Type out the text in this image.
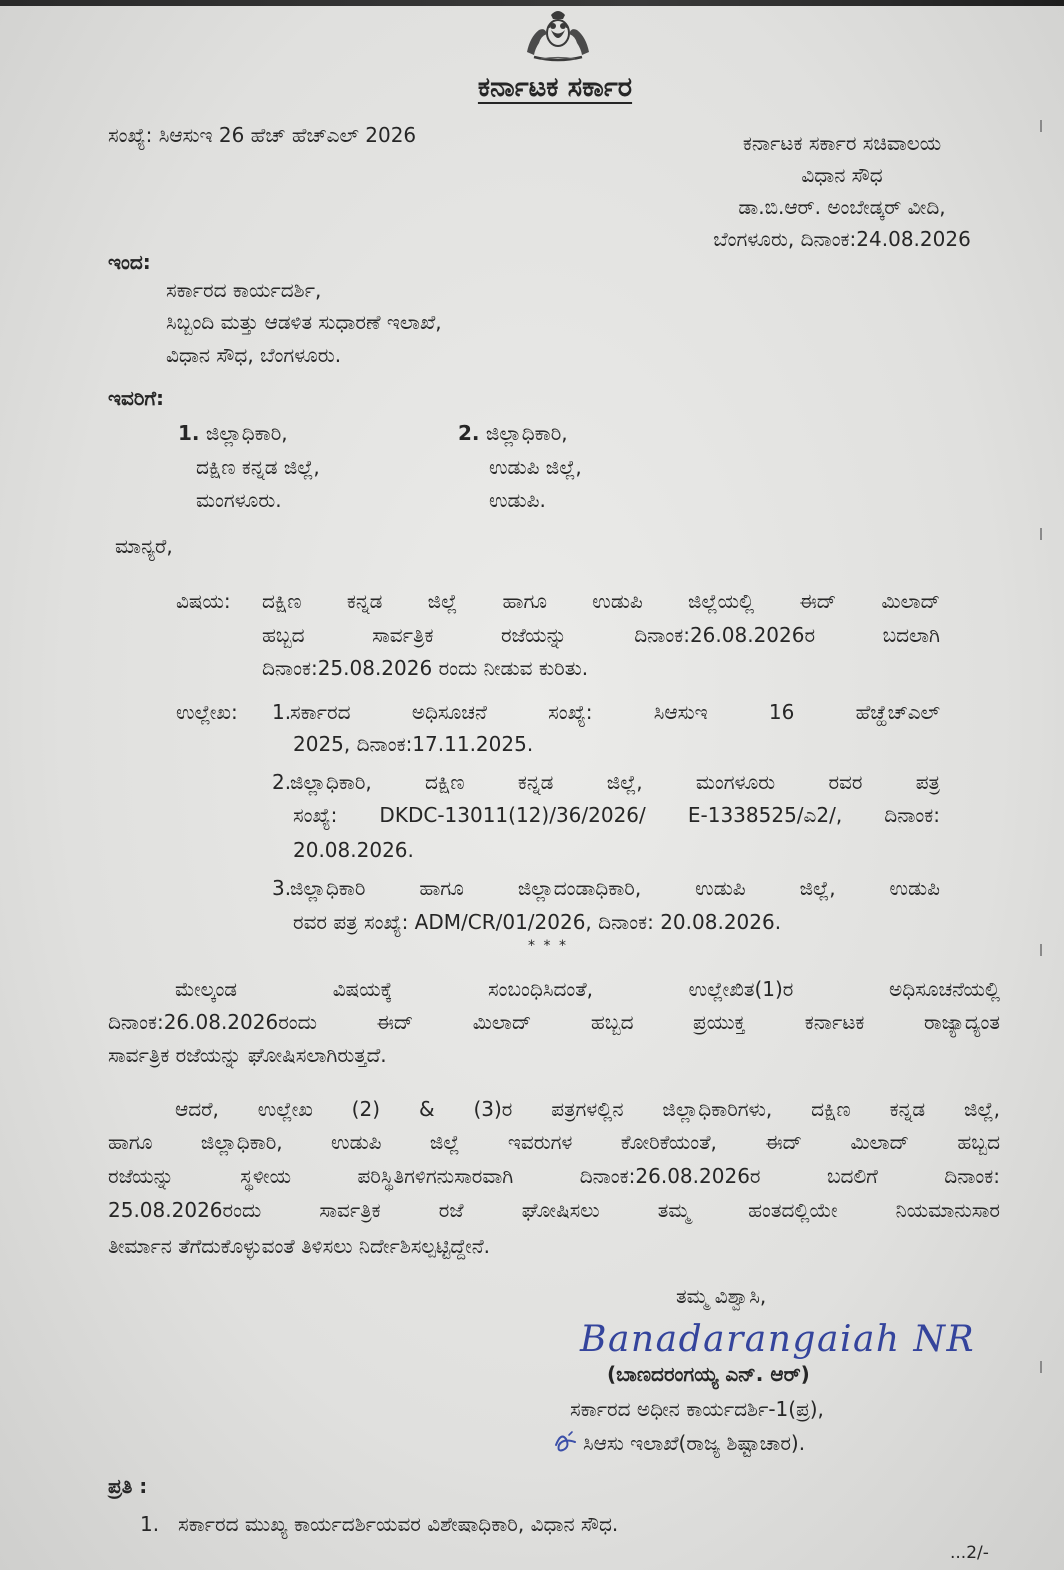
ಕರ್ನಾಟಕ ಸರ್ಕಾರ
ಸಂಖ್ಯೆ: ಸಿಆಸುಇ 26 ಹೆಚ್ ಹೆಚ್ಎಲ್ 2026	ಕರ್ನಾಟಕ ಸರ್ಕಾರ ಸಚಿವಾಲಯ
ವಿಧಾನ ಸೌಧ
ಡಾ.ಬಿ.ಆರ್. ಅಂಬೇಡ್ಕರ್ ವೀದಿ,
ಬೆಂಗಳೂರು, ದಿನಾಂಕ:24.08.2026
ಇಂದ:
ಸರ್ಕಾರದ ಕಾರ್ಯದರ್ಶಿ,
ಸಿಬ್ಬಂದಿ ಮತ್ತು ಆಡಳಿತ ಸುಧಾರಣೆ ಇಲಾಖೆ,
ವಿಧಾನ ಸೌಧ, ಬೆಂಗಳೂರು.
ಇವರಿಗೆ:
1. ಜಿಲ್ಲಾಧಿಕಾರಿ,
ದಕ್ಷಿಣ ಕನ್ನಡ ಜಿಲ್ಲೆ,
ಮಂಗಳೂರು.
2. ಜಿಲ್ಲಾಧಿಕಾರಿ,
ಉಡುಪಿ ಜಿಲ್ಲೆ,
ಉಡುಪಿ.
ಮಾನ್ಯರೆ,
ವಿಷಯ:	ದಕ್ಷಿಣ ಕನ್ನಡ ಜಿಲ್ಲೆ ಹಾಗೂ ಉಡುಪಿ ಜಿಲ್ಲೆಯಲ್ಲಿ ಈದ್ ಮಿಲಾದ್
ಹಬ್ಬದ ಸಾರ್ವತ್ರಿಕ ರಜೆಯನ್ನು ದಿನಾಂಕ:26.08.2026ರ ಬದಲಾಗಿ
ದಿನಾಂಕ:25.08.2026 ರಂದು ನೀಡುವ ಕುರಿತು.
ಉಲ್ಲೇಖ:	1.
ಸರ್ಕಾರದ ಅಧಿಸೂಚನೆ ಸಂಖ್ಯೆ: ಸಿಆಸುಇ 16 ಹೆಚ್ಹೆಚ್ಎಲ್
2025, ದಿನಾಂಕ:17.11.2025.
2.
ಜಿಲ್ಲಾಧಿಕಾರಿ, ದಕ್ಷಿಣ ಕನ್ನಡ ಜಿಲ್ಲೆ, ಮಂಗಳೂರು ರವರ ಪತ್ರ
ಸಂಖ್ಯೆ: DKDC-13011(12)/36/2026/ E-1338525/ಎ2/, ದಿನಾಂಕ:
20.08.2026.
3.
ಜಿಲ್ಲಾಧಿಕಾರಿ ಹಾಗೂ ಜಿಲ್ಲಾದಂಡಾಧಿಕಾರಿ, ಉಡುಪಿ ಜಿಲ್ಲೆ, ಉಡುಪಿ
ರವರ ಪತ್ರ ಸಂಖ್ಯೆ: ADM/CR/01/2026, ದಿನಾಂಕ: 20.08.2026.
* * *
ಮೇಲ್ಕಂಡ ವಿಷಯಕ್ಕೆ ಸಂಬಂಧಿಸಿದಂತೆ, ಉಲ್ಲೇಖಿತ(1)ರ ಅಧಿಸೂಚನೆಯಲ್ಲಿ
ದಿನಾಂಕ:26.08.2026ರಂದು ಈದ್ ಮಿಲಾದ್ ಹಬ್ಬದ ಪ್ರಯುಕ್ತ ಕರ್ನಾಟಕ ರಾಜ್ಯಾದ್ಯಂತ
ಸಾರ್ವತ್ರಿಕ ರಜೆಯನ್ನು ಘೋಷಿಸಲಾಗಿರುತ್ತದೆ.
ಆದರೆ, ಉಲ್ಲೇಖ (2) & (3)ರ ಪತ್ರಗಳಲ್ಲಿನ ಜಿಲ್ಲಾಧಿಕಾರಿಗಳು, ದಕ್ಷಿಣ ಕನ್ನಡ ಜಿಲ್ಲೆ,
ಹಾಗೂ ಜಿಲ್ಲಾಧಿಕಾರಿ, ಉಡುಪಿ ಜಿಲ್ಲೆ ಇವರುಗಳ ಕೋರಿಕೆಯಂತೆ, ಈದ್ ಮಿಲಾದ್ ಹಬ್ಬದ
ರಜೆಯನ್ನು ಸ್ಥಳೀಯ ಪರಿಸ್ಥಿತಿಗಳಿಗನುಸಾರವಾಗಿ ದಿನಾಂಕ:26.08.2026ರ ಬದಲಿಗೆ ದಿನಾಂಕ:
25.08.2026ರಂದು ಸಾರ್ವತ್ರಿಕ ರಜೆ ಘೋಷಿಸಲು ತಮ್ಮ ಹಂತದಲ್ಲಿಯೇ ನಿಯಮಾನುಸಾರ
ತೀರ್ಮಾನ ತೆಗೆದುಕೊಳ್ಳುವಂತೆ ತಿಳಿಸಲು ನಿರ್ದೇಶಿಸಲ್ಪಟ್ಟಿದ್ದೇನೆ.
ತಮ್ಮ ವಿಶ್ವಾಸಿ,
Banadarangaiah NR
(ಬಾಣದರಂಗಯ್ಯ ಎನ್. ಆರ್)
ಸರ್ಕಾರದ ಅಧೀನ ಕಾರ್ಯದರ್ಶಿ-1(ಪ್ರ),
ಸಿಆಸು ಇಲಾಖೆ(ರಾಜ್ಯ ಶಿಷ್ಟಾಚಾರ).
ಪ್ರತಿ :
1. ಸರ್ಕಾರದ ಮುಖ್ಯ ಕಾರ್ಯದರ್ಶಿಯವರ ವಿಶೇಷಾಧಿಕಾರಿ, ವಿಧಾನ ಸೌಧ.
...2/-
